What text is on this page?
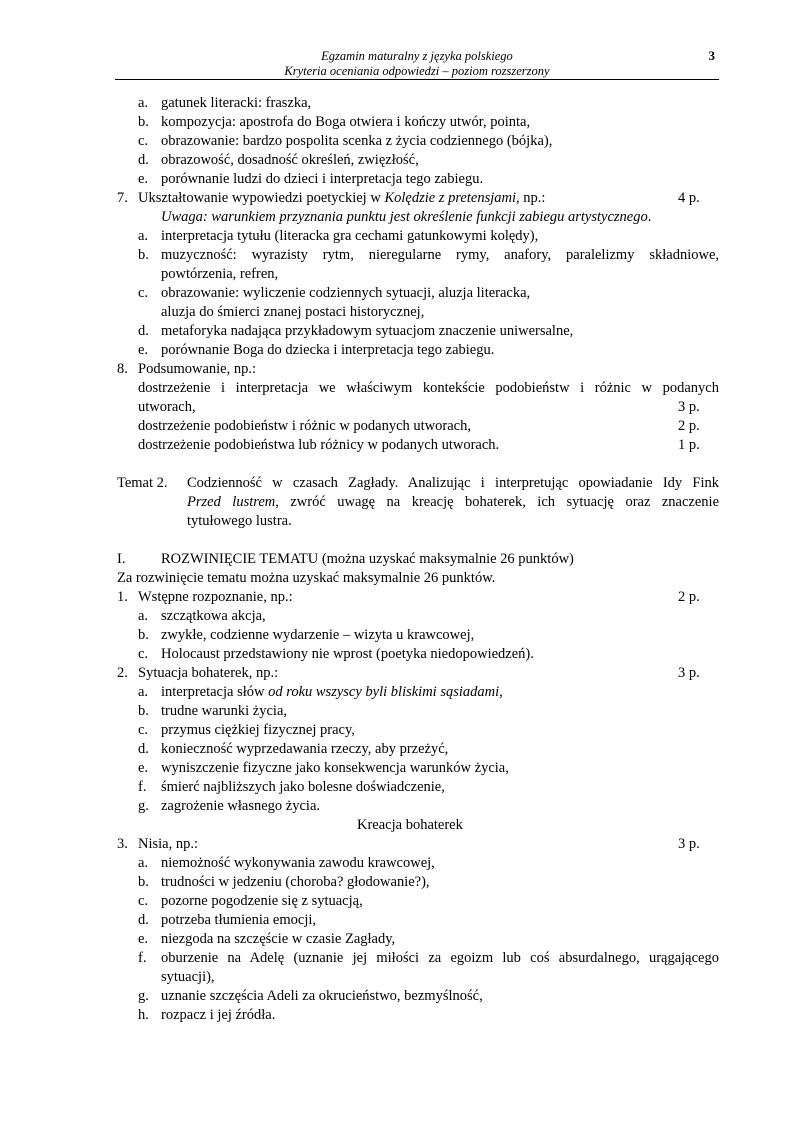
Egzamin maturalny z języka polskiego
Kryteria oceniania odpowiedzi – poziom rozszerzony
3
a. gatunek literacki: fraszka,
b. kompozycja: apostrofa do Boga otwiera i kończy utwór, pointa,
c. obrazowanie: bardzo pospolita scenka z życia codziennego (bójka),
d. obrazowość, dosadność określeń, zwięzłość,
e. porównanie ludzi do dzieci i interpretacja tego zabiegu.
7. Ukształtowanie wypowiedzi poetyckiej w Kolędzie z pretensjami, np.:	4 p.
Uwaga: warunkiem przyznania punktu jest określenie funkcji zabiegu artystycznego.
a. interpretacja tytułu (literacka gra cechami gatunkowymi kolędy),
b. muzyczność: wyrazisty rytm, nieregularne rymy, anafory, paralelizmy składniowe,
powtórzenia, refren,
c. obrazowanie: wyliczenie codziennych sytuacji, aluzja literacka,
aluzja do śmierci znanej postaci historycznej,
d. metaforyka nadająca przykładowym sytuacjom znaczenie uniwersalne,
e. porównanie Boga do dziecka i interpretacja tego zabiegu.
8. Podsumowanie, np.:
dostrzeżenie i interpretacja we właściwym kontekście podobieństw i różnic w podanych
utworach,	3 p.
dostrzeżenie podobieństw i różnic w podanych utworach,	2 p.
dostrzeżenie podobieństwa lub różnicy w podanych utworach.	1 p.
Temat 2. Codzienność w czasach Zagłady. Analizując i interpretując opowiadanie Idy Fink
Przed lustrem, zwróć uwagę na kreację bohaterek, ich sytuację oraz znaczenie
tytułowego lustra.
I. ROZWINIĘCIE TEMATU (można uzyskać maksymalnie 26 punktów)
Za rozwinięcie tematu można uzyskać maksymalnie 26 punktów.
1. Wstępne rozpoznanie, np.:	2 p.
a. szczątkowa akcja,
b. zwykłe, codzienne wydarzenie – wizyta u krawcowej,
c. Holocaust przedstawiony nie wprost (poetyka niedopowiedzeń).
2. Sytuacja bohaterek, np.:	3 p.
a. interpretacja słów od roku wszyscy byli bliskimi sąsiadami,
b. trudne warunki życia,
c. przymus ciężkiej fizycznej pracy,
d. konieczność wyprzedawania rzeczy, aby przeżyć,
e. wyniszczenie fizyczne jako konsekwencja warunków życia,
f. śmierć najbliższych jako bolesne doświadczenie,
g. zagrożenie własnego życia.
Kreacja bohaterek
3. Nisia, np.:	3 p.
a. niemożność wykonywania zawodu krawcowej,
b. trudności w jedzeniu (choroba? głodowanie?),
c. pozorne pogodzenie się z sytuacją,
d. potrzeba tłumienia emocji,
e. niezgoda na szczęście w czasie Zagłady,
f. oburzenie na Adelę (uznanie jej miłości za egoizm lub coś absurdalnego, urągającego
sytuacji),
g. uznanie szczęścia Adeli za okrucieństwo, bezmyślność,
h. rozpacz i jej źródła.
